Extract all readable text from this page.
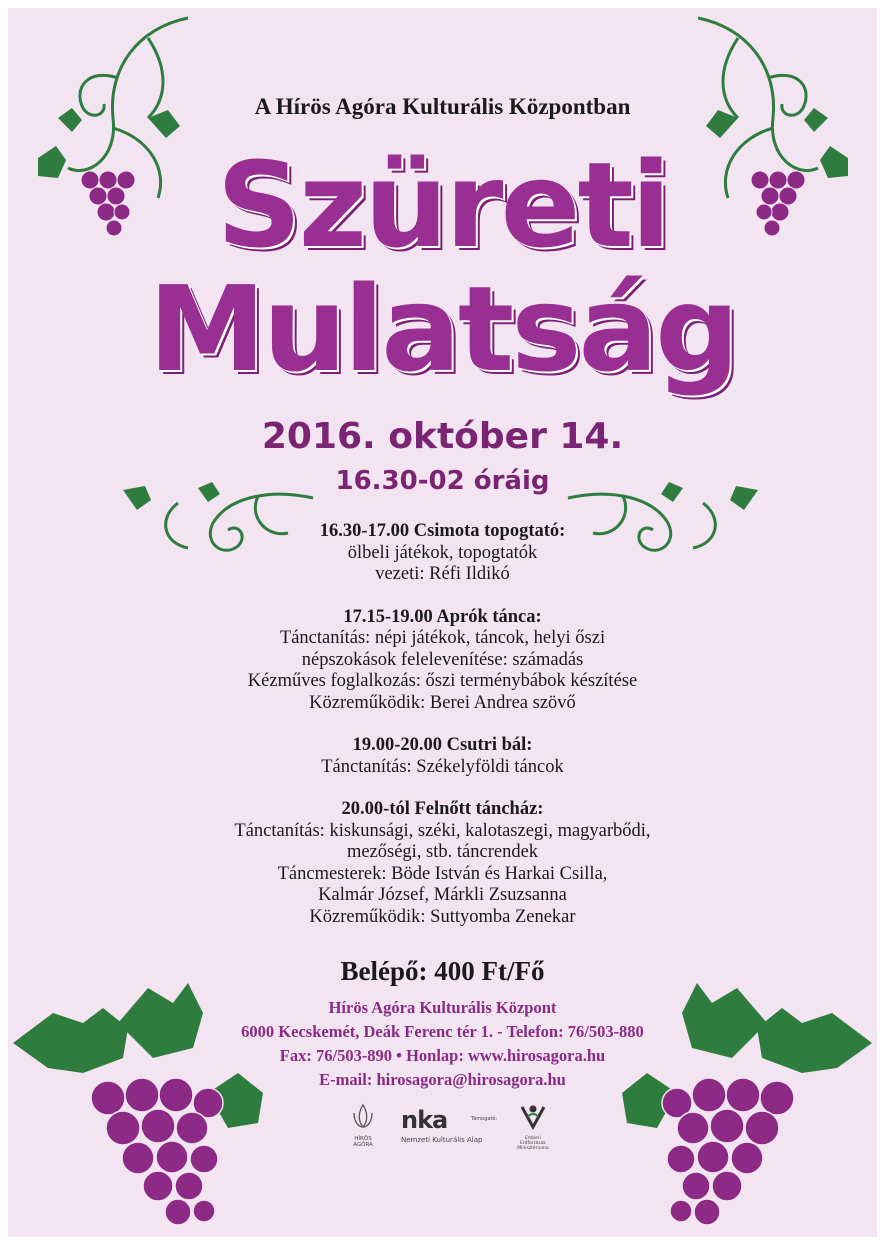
A Hírös Agóra Kulturális Központban
Szüreti
Mulatság
2016. október 14.
16.30-02 óráig
16.30-17.00 Csimota topogtató:
ölbeli játékok, topogtatók
vezeti: Réfi Ildikó
17.15-19.00 Aprók tánca:
Tánctanítás: népi játékok, táncok, helyi őszi
népszokások felelevenítése: számadás
Kézműves foglalkozás: őszi terménybábok készítése
Közreműködik: Berei Andrea szövő
19.00-20.00 Csutri bál:
Tánctanítás: Székelyföldi táncok
20.00-tól Felnőtt táncház:
Tánctanítás: kiskunsági, széki, kalotaszegi, magyarbődi,
mezőségi, stb. táncrendek
Táncmesterek: Böde István és Harkai Csilla,
Kalmár József, Márkli Zsuzsanna
Közreműködik: Suttyomba Zenekar
Belépő: 400 Ft/Fő
Hírös Agóra Kulturális Központ
6000 Kecskemét, Deák Ferenc tér 1. - Telefon: 76/503-880
Fax: 76/503-890 • Honlap: www.hirosagora.hu
E-mail: hirosagora@hirosagora.hu
HÍRÖS
AGÓRA
nka	Támogató:
Nemzeti Kulturális Alap	Emberi
Erőforrások
Minisztériuma
